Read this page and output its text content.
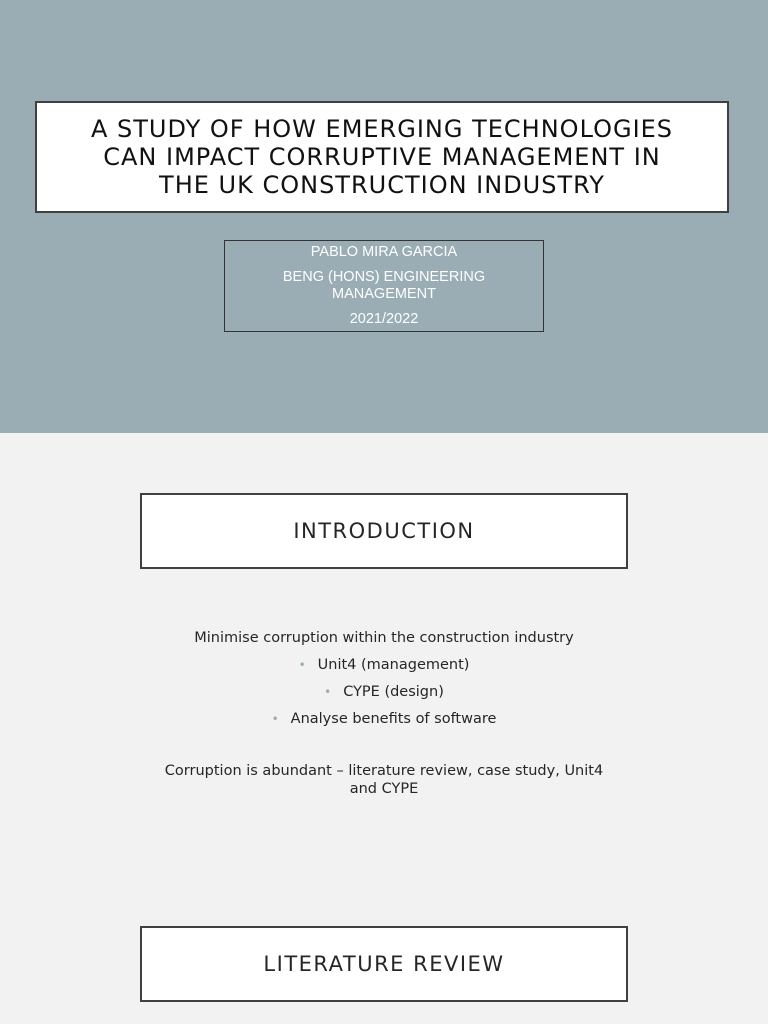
A STUDY OF HOW EMERGING TECHNOLOGIES
CAN IMPACT CORRUPTIVE MANAGEMENT IN
THE UK CONSTRUCTION INDUSTRY
PABLO MIRA GARCIA
BENG (HONS) ENGINEERING
MANAGEMENT
2021/2022
INTRODUCTION
Minimise corruption within the construction industry
• Unit4 (management)
• CYPE (design)
• Analyse benefits of software
Corruption is abundant – literature review, case study, Unit4
and CYPE
LITERATURE REVIEW
